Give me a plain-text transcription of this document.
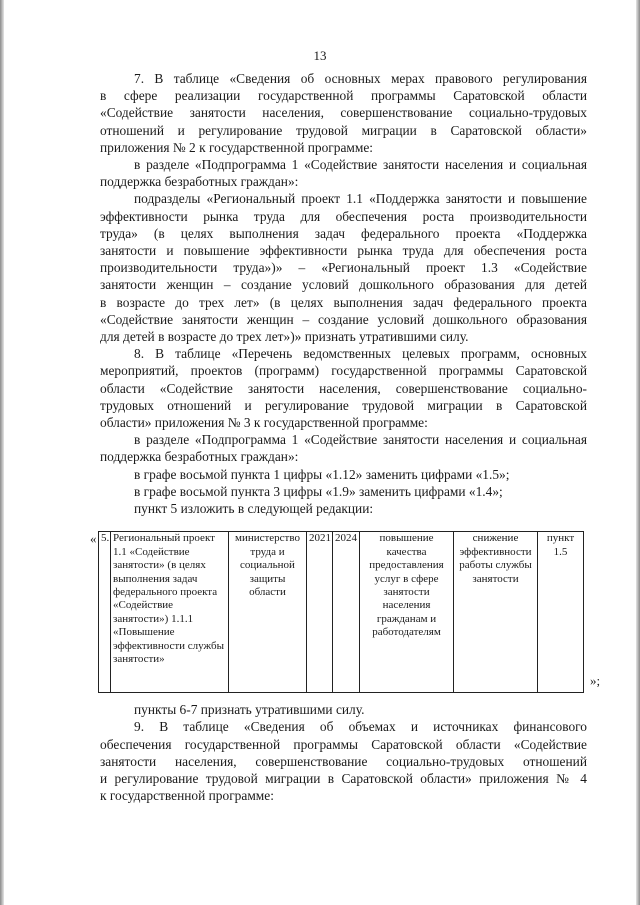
13

7. В таблице «Сведения об основных мерах правового регулирования

в сфере реализации государственной программы Саратовской области

«Содействие занятости населения, совершенствование социально-трудовых

отношений и регулирование трудовой миграции в Саратовской области»

приложения № 2 к государственной программе:

в разделе «Подпрограмма 1 «Содействие занятости населения и социальная

поддержка безработных граждан»:

подразделы «Региональный проект 1.1 «Поддержка занятости и повышение

эффективности рынка труда для обеспечения роста производительности

труда» (в целях выполнения задач федерального проекта «Поддержка

занятости и повышение эффективности рынка труда для обеспечения роста

производительности труда»)» – «Региональный проект 1.3 «Содействие

занятости женщин – создание условий дошкольного образования для детей

в возрасте до трех лет» (в целях выполнения задач федерального проекта

«Содействие занятости женщин – создание условий дошкольного образования

для детей в возрасте до трех лет»)» признать утратившими силу.

8. В таблице «Перечень ведомственных целевых программ, основных

мероприятий, проектов (программ) государственной программы Саратовской

области «Содействие занятости населения, совершенствование социально-

трудовых отношений и регулирование трудовой миграции в Саратовской

области» приложения № 3 к государственной программе:

в разделе «Подпрограмма 1 «Содействие занятости населения и социальная

поддержка безработных граждан»:

в графе восьмой пункта 1 цифры «1.12» заменить цифрами «1.5»;

в графе восьмой пункта 3 цифры «1.9» заменить цифрами «1.4»;

пункт 5 изложить в следующей редакции:

« 5.	Региональный проект 1.1 «Содействие занятости» (в целях выполнения задач федерального проекта «Содействие занятости») 1.1.1 «Повышение эффективности службы занятости»	министерство труда и социальной защиты области	2021	2024	повышение качества предоставления услуг в сфере занятости населения гражданам и работодателям	снижение эффективности работы службы занятости	пункт 1.5
»;

пункты 6-7 признать утратившими силу.

9. В таблице «Сведения об объемах и источниках финансового

обеспечения государственной программы Саратовской области «Содействие

занятости населения, совершенствование социально-трудовых отношений

и регулирование трудовой миграции в Саратовской области» приложения № 4

к государственной программе:
